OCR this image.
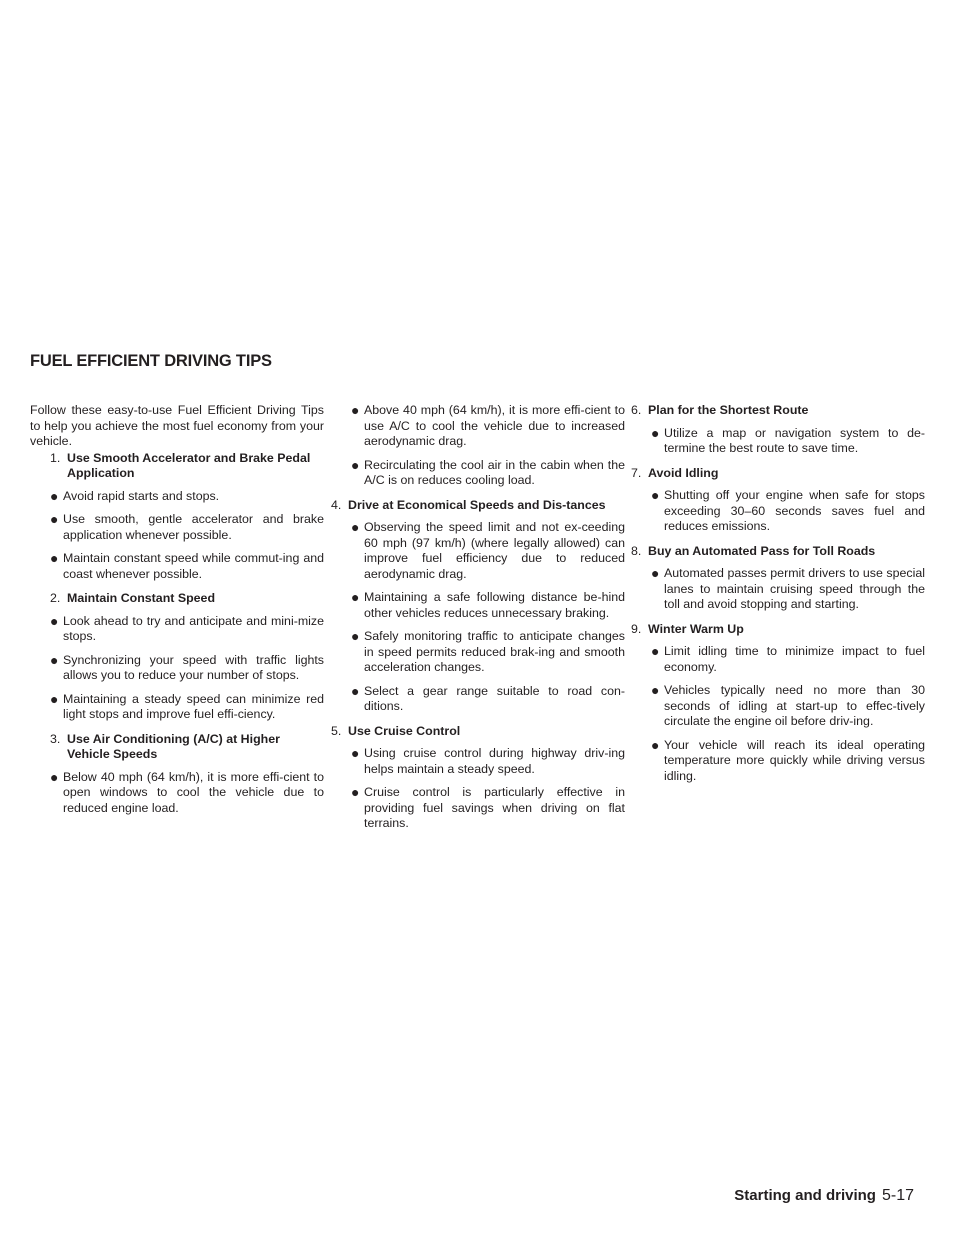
FUEL EFFICIENT DRIVING TIPS

Follow these easy-to-use Fuel Efficient Driving Tips to help you achieve the most fuel economy from your vehicle.

1. Use Smooth Accelerator and Brake Pedal Application
● Avoid rapid starts and stops.
● Use smooth, gentle accelerator and brake application whenever possible.
● Maintain constant speed while commut-ing and coast whenever possible.
2. Maintain Constant Speed
● Look ahead to try and anticipate and mini-mize stops.
● Synchronizing your speed with traffic lights allows you to reduce your number of stops.
● Maintaining a steady speed can minimize red light stops and improve fuel effi-ciency.
3. Use Air Conditioning (A/C) at Higher Vehicle Speeds
● Below 40 mph (64 km/h), it is more effi-cient to open windows to cool the vehicle due to reduced engine load.
● Above 40 mph (64 km/h), it is more effi-cient to use A/C to cool the vehicle due to increased aerodynamic drag.
● Recirculating the cool air in the cabin when the A/C is on reduces cooling load.
4. Drive at Economical Speeds and Dis-tances
● Observing the speed limit and not ex-ceeding 60 mph (97 km/h) (where legally allowed) can improve fuel efficiency due to reduced aerodynamic drag.
● Maintaining a safe following distance be-hind other vehicles reduces unnecessary braking.
● Safely monitoring traffic to anticipate changes in speed permits reduced brak-ing and smooth acceleration changes.
● Select a gear range suitable to road con-ditions.
5. Use Cruise Control
● Using cruise control during highway driv-ing helps maintain a steady speed.
● Cruise control is particularly effective in providing fuel savings when driving on flat terrains.
6. Plan for the Shortest Route
● Utilize a map or navigation system to de-termine the best route to save time.
7. Avoid Idling
● Shutting off your engine when safe for stops exceeding 30–60 seconds saves fuel and reduces emissions.
8. Buy an Automated Pass for Toll Roads
● Automated passes permit drivers to use special lanes to maintain cruising speed through the toll and avoid stopping and starting.
9. Winter Warm Up
● Limit idling time to minimize impact to fuel economy.
● Vehicles typically need no more than 30 seconds of idling at start-up to effec-tively circulate the engine oil before driv-ing.
● Your vehicle will reach its ideal operating temperature more quickly while driving versus idling.
Starting and driving 5-17
